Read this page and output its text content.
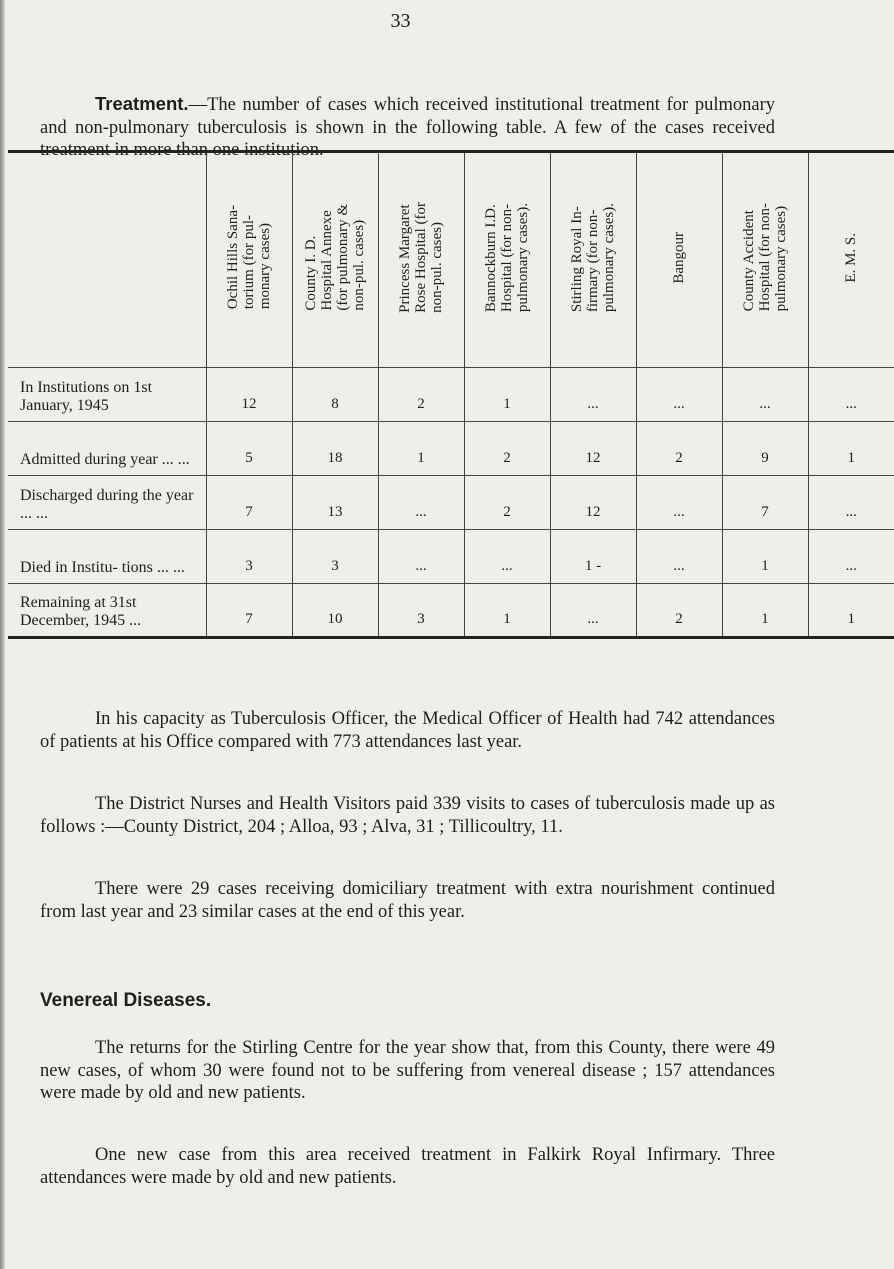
33

Treatment.—The number of cases which received institutional treatment for pulmonary and non-pulmonary tuberculosis is shown in the following table. A few of the cases received treatment in more than one institution.

	Ochil Hills Sana-
torium (for pul-
monary cases)	County I. D.
Hospital Annexe
(for pulmonary &
non-pul. cases)	Princess Margaret
Rose Hospital (for
non-pul. cases)	Bannockburn I.D.
Hospital (for non-
pulmonary cases).	Stirling Royal In-
firmary (for non-
pulmonary cases).	Bangour	County Accident
Hospital (for non-
pulmonary cases)	E. M. S.
In Institutions on 1st January, 1945	12	8	2	1	...	...	...	...
Admitted during year ... ...	5	18	1	2	12	2	9	1
Discharged during the year ... ...	7	13	...	2	12	...	7	...
Died in Institu- tions ... ...	3	3	...	...	1 -	...	1	...
Remaining at 31st December, 1945 ...	7	10	3	1	...	2	1	1

In his capacity as Tuberculosis Officer, the Medical Officer of Health had 742 attendances of patients at his Office compared with 773 attendances last year.

The District Nurses and Health Visitors paid 339 visits to cases of tuberculosis made up as follows :—County District, 204 ; Alloa, 93 ; Alva, 31 ; Tillicoultry, 11.

There were 29 cases receiving domiciliary treatment with extra nourishment continued from last year and 23 similar cases at the end of this year.

Venereal Diseases.

The returns for the Stirling Centre for the year show that, from this County, there were 49 new cases, of whom 30 were found not to be suffering from venereal disease ; 157 attendances were made by old and new patients.

One new case from this area received treatment in Falkirk Royal Infirmary. Three attendances were made by old and new patients.
